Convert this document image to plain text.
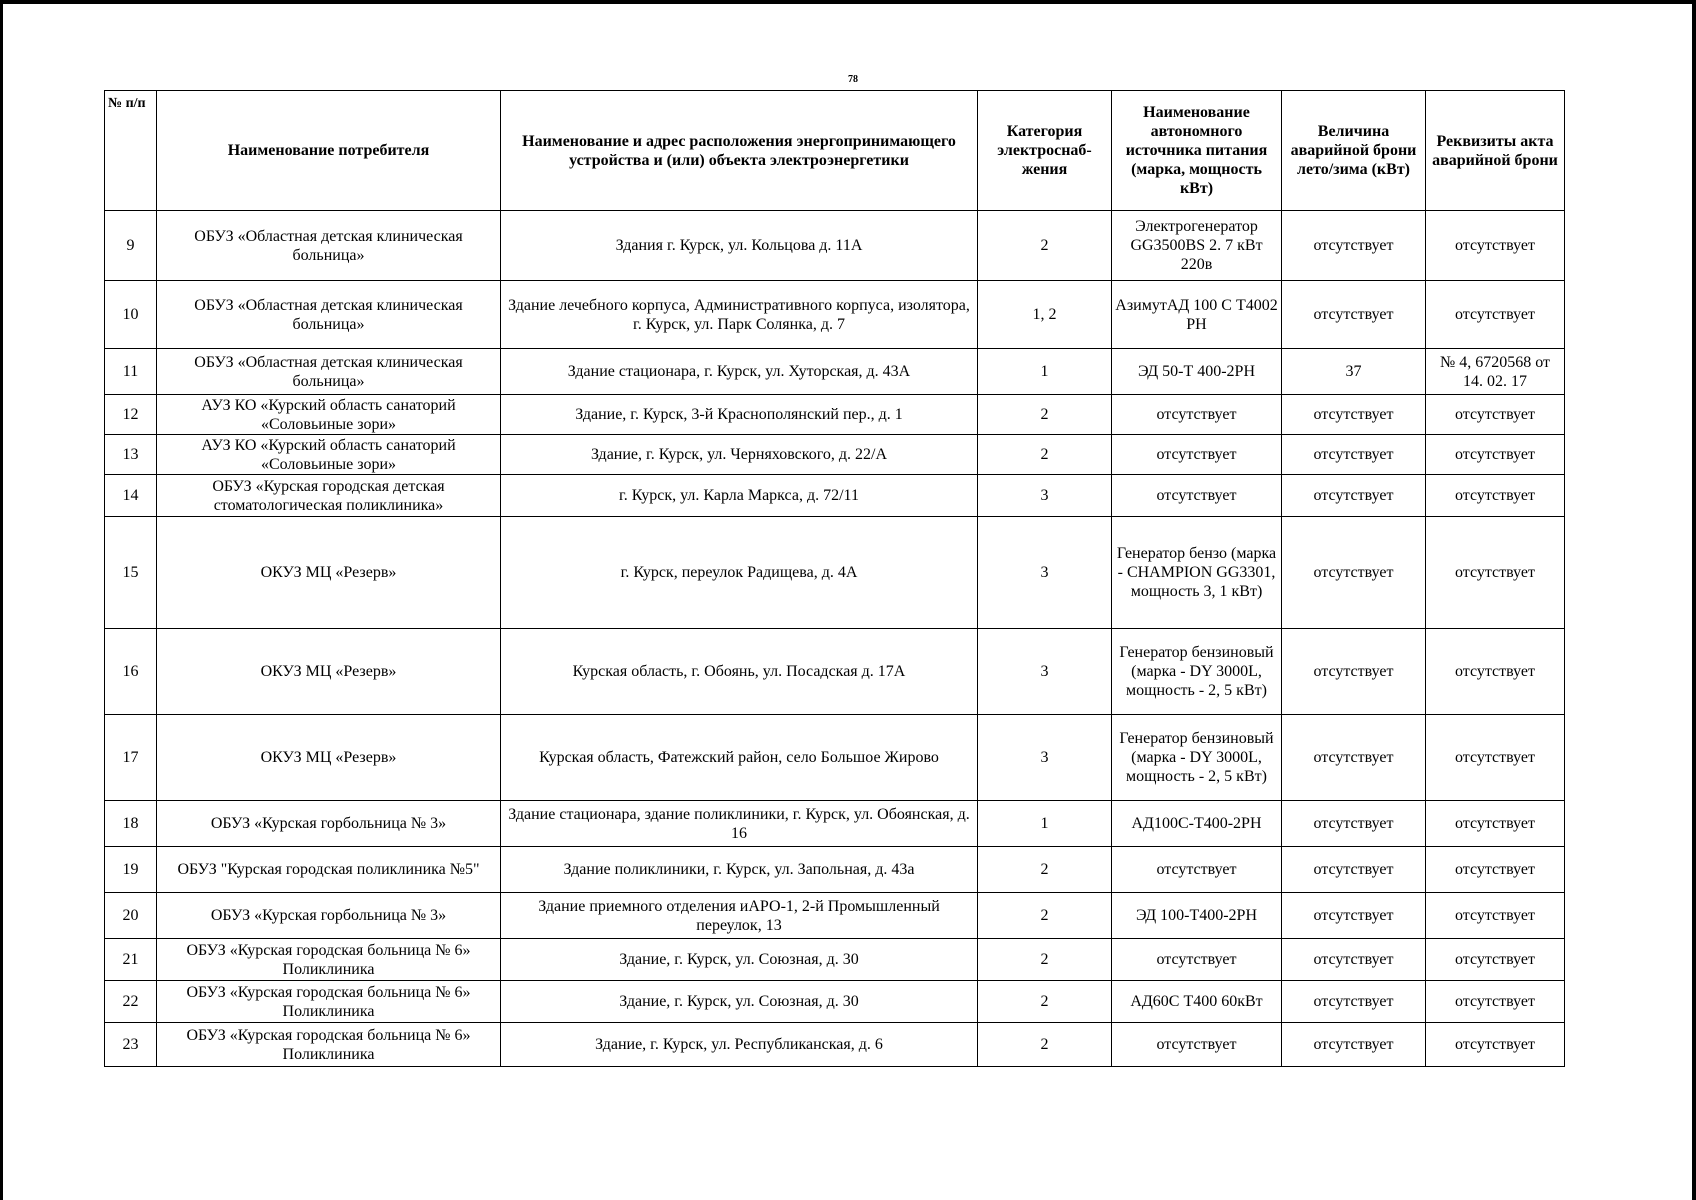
78
№ п/п	Наименование потребителя	Наименование и адрес расположения энергопринимающего устройства и (или) объекта электроэнергетики	Категория электроснаб-жения	Наименование автономного источника питания (марка, мощность кВт)	Величина аварийной брони лето/зима (кВт)	Реквизиты акта аварийной брони
9	ОБУЗ «Областная детская клиническая больница»	Здания г. Курск, ул. Кольцова д. 11А	2	Электрогенератор GG3500BS 2. 7 кВт 220в	отсутствует	отсутствует
10	ОБУЗ «Областная детская клиническая больница»	Здание лечебного корпуса, Административного корпуса, изолятора, г. Курск, ул. Парк Солянка, д. 7	1, 2	АзимутАД 100 С Т4002 РН	отсутствует	отсутствует
11	ОБУЗ «Областная детская клиническая больница»	Здание стационара, г. Курск, ул. Хуторская, д. 43А	1	ЭД 50-Т 400-2РН	37	№ 4, 6720568 от 14. 02. 17
12	АУЗ КО «Курский область санаторий «Соловьиные зори»	Здание, г. Курск, 3-й Краснополянский пер., д. 1	2	отсутствует	отсутствует	отсутствует
13	АУЗ КО «Курский область санаторий «Соловьиные зори»	Здание, г. Курск, ул. Черняховского, д. 22/А	2	отсутствует	отсутствует	отсутствует
14	ОБУЗ «Курская городская детская стоматологическая поликлиника»	г. Курск, ул. Карла Маркса, д. 72/11	3	отсутствует	отсутствует	отсутствует
15	ОКУЗ МЦ «Резерв»	г. Курск, переулок Радищева, д. 4А	3	Генератор бензо (марка - CHAMPION GG3301, мощность 3, 1 кВт)	отсутствует	отсутствует
16	ОКУЗ МЦ «Резерв»	Курская область, г. Обоянь, ул. Посадская д. 17А	3	Генератор бензиновый (марка - DY 3000L, мощность - 2, 5 кВт)	отсутствует	отсутствует
17	ОКУЗ МЦ «Резерв»	Курская область, Фатежский район, село Большое Жирово	3	Генератор бензиновый (марка - DY 3000L, мощность - 2, 5 кВт)	отсутствует	отсутствует
18	ОБУЗ «Курская горбольница № 3»	Здание стационара, здание поликлиники, г. Курск, ул. Обоянская, д. 16	1	АД100С-Т400-2РН	отсутствует	отсутствует
19	ОБУЗ "Курская городская поликлиника №5"	Здание поликлиники, г. Курск, ул. Запольная, д. 43а	2	отсутствует	отсутствует	отсутствует
20	ОБУЗ «Курская горбольница № 3»	Здание приемного отделения иАРО-1, 2-й Промышленный переулок, 13	2	ЭД 100-Т400-2РН	отсутствует	отсутствует
21	ОБУЗ «Курская городская больница № 6» Поликлиника	Здание, г. Курск, ул. Союзная, д. 30	2	отсутствует	отсутствует	отсутствует
22	ОБУЗ «Курская городская больница № 6» Поликлиника	Здание, г. Курск, ул. Союзная, д. 30	2	АД60С Т400 60кВт	отсутствует	отсутствует
23	ОБУЗ «Курская городская больница № 6» Поликлиника	Здание, г. Курск, ул. Республиканская, д. 6	2	отсутствует	отсутствует	отсутствует
